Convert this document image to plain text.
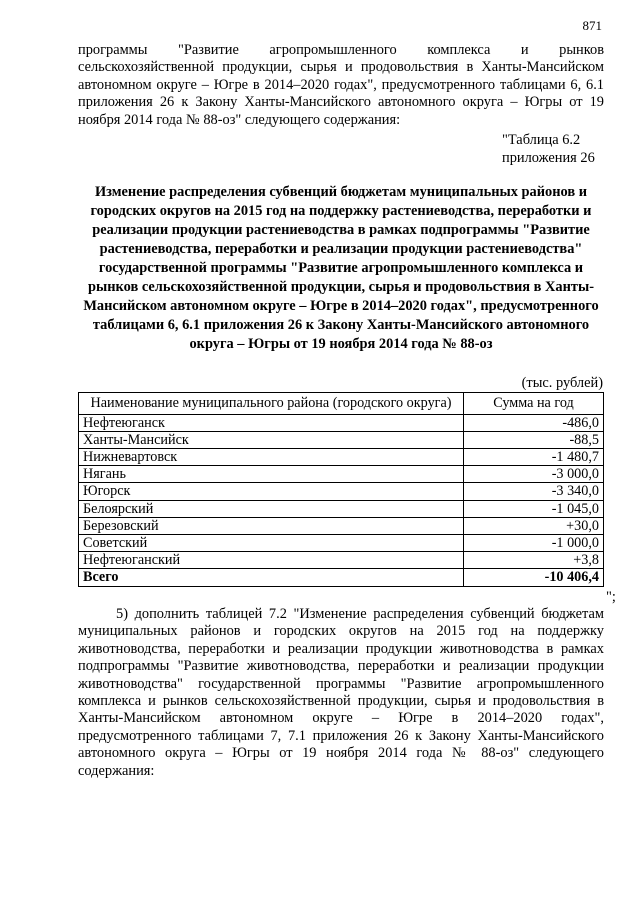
871

программы "Развитие агропромышленного комплекса и рынков сельскохозяйственной продукции, сырья и продовольствия в Ханты-Мансийском автономном округе – Югре в 2014–2020 годах", предусмотренного таблицами 6, 6.1 приложения 26 к Закону Ханты-Мансийского автономного округа – Югры от 19 ноября 2014 года № 88-оз" следующего содержания:

"Таблица 6.2
приложения 26
Изменение распределения субвенций бюджетам муниципальных районов и городских округов на 2015 год на поддержку растениеводства, переработки и реализации продукции растениеводства в рамках подпрограммы "Развитие растениеводства, переработки и реализации продукции растениеводства" государственной программы "Развитие агропромышленного комплекса и рынков сельскохозяйственной продукции, сырья и продовольствия в Ханты-Мансийском автономном округе – Югре в 2014–2020 годах", предусмотренного таблицами 6, 6.1 приложения 26 к Закону Ханты-Мансийского автономного округа – Югры от 19 ноября 2014 года № 88-оз
(тыс. рублей)
Наименование муниципального района (городского округа)	Сумма на год
Нефтеюганск	-486,0
Ханты-Мансийск	-88,5
Нижневартовск	-1 480,7
Нягань	-3 000,0
Югорск	-3 340,0
Белоярский	-1 045,0
Березовский	+30,0
Советский	-1 000,0
Нефтеюганский	+3,8
Всего	-10 406,4
";

5) дополнить таблицей 7.2 "Изменение распределения субвенций бюджетам муниципальных районов и городских округов на 2015 год на поддержку животноводства, переработки и реализации продукции животноводства в рамках подпрограммы "Развитие животноводства, переработки и реализации продукции животноводства" государственной программы "Развитие агропромышленного комплекса и рынков сельскохозяйственной продукции, сырья и продовольствия в Ханты-Мансийском автономном округе – Югре в 2014–2020 годах", предусмотренного таблицами 7, 7.1 приложения 26 к Закону Ханты-Мансийского автономного округа – Югры от 19 ноября 2014 года № 88-оз" следующего содержания:
